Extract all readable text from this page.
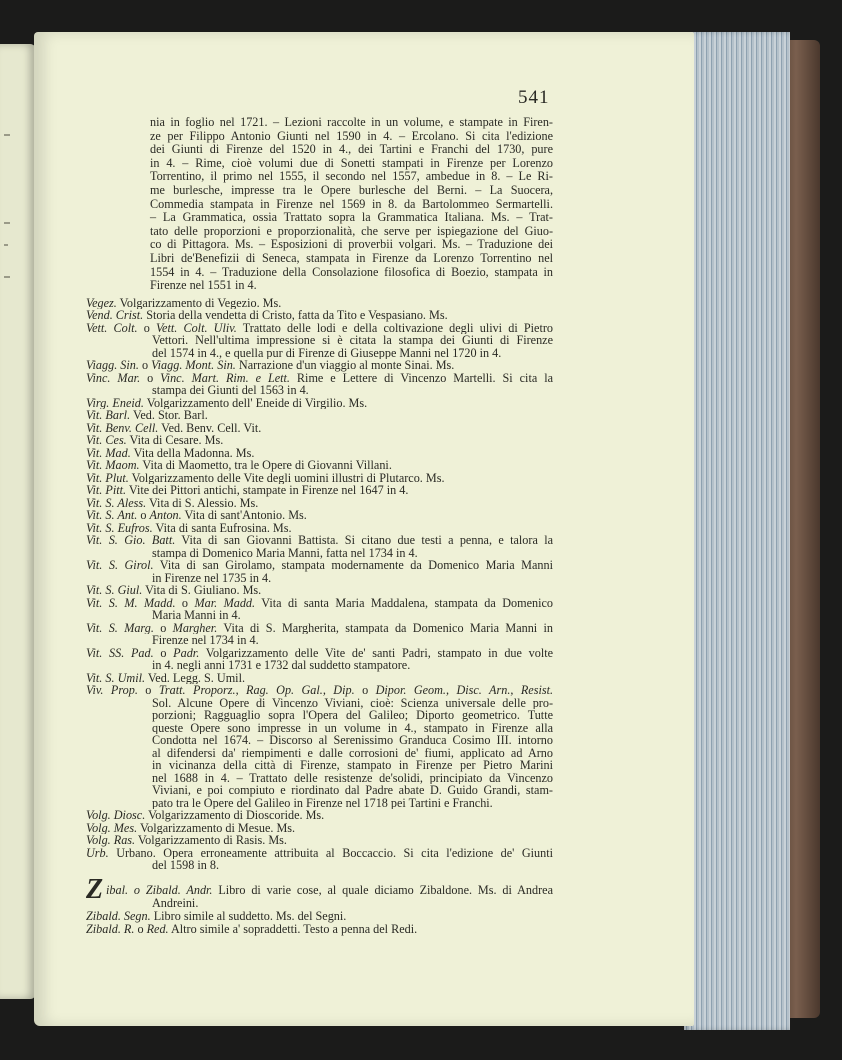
541
nia in foglio nel 1721. – Lezioni raccolte in un volume, e stampate in Firen-
ze per Filippo Antonio Giunti nel 1590 in 4. – Ercolano. Si cita l'edizione
dei Giunti di Firenze del 1520 in 4., dei Tartini e Franchi del 1730, pure
in 4. – Rime, cioè volumi due di Sonetti stampati in Firenze per Lorenzo
Torrentino, il primo nel 1555, il secondo nel 1557, ambedue in 8. – Le Ri-
me burlesche, impresse tra le Opere burlesche del Berni. – La Suocera,
Commedia stampata in Firenze nel 1569 in 8. da Bartolommeo Sermartelli.
– La Grammatica, ossia Trattato sopra la Grammatica Italiana. Ms. – Trat-
tato delle proporzioni e proporzionalità, che serve per ispiegazione del Giuo-
co di Pittagora. Ms. – Esposizioni di proverbii volgari. Ms. – Traduzione dei
Libri de'Benefizii di Seneca, stampata in Firenze da Lorenzo Torrentino nel
1554 in 4. – Traduzione della Consolazione filosofica di Boezio, stampata in
Firenze nel 1551 in 4.
Vegez. Volgarizzamento di Vegezio. Ms.
Vend. Crist. Storia della vendetta di Cristo, fatta da Tito e Vespasiano. Ms.
Vett. Colt. o Vett. Colt. Uliv. Trattato delle lodi e della coltivazione degli ulivi di Pietro
Vettori. Nell'ultima impressione si è citata la stampa dei Giunti di Firenze
del 1574 in 4., e quella pur di Firenze di Giuseppe Manni nel 1720 in 4.
Viagg. Sin. o Viagg. Mont. Sin. Narrazione d'un viaggio al monte Sinai. Ms.
Vinc. Mar. o Vinc. Mart. Rim. e Lett. Rime e Lettere di Vincenzo Martelli. Si cita la
stampa dei Giunti del 1563 in 4.
Virg. Eneid. Volgarizzamento dell' Eneide di Virgilio. Ms.
Vit. Barl. Ved. Stor. Barl.
Vit. Benv. Cell. Ved. Benv. Cell. Vit.
Vit. Ces. Vita di Cesare. Ms.
Vit. Mad. Vita della Madonna. Ms.
Vit. Maom. Vita di Maometto, tra le Opere di Giovanni Villani.
Vit. Plut. Volgarizzamento delle Vite degli uomini illustri di Plutarco. Ms.
Vit. Pitt. Vite dei Pittori antichi, stampate in Firenze nel 1647 in 4.
Vit. S. Aless. Vita di S. Alessio. Ms.
Vit. S. Ant. o Anton. Vita di sant'Antonio. Ms.
Vit. S. Eufros. Vita di santa Eufrosina. Ms.
Vit. S. Gio. Batt. Vita di san Giovanni Battista. Si citano due testi a penna, e talora la
stampa di Domenico Maria Manni, fatta nel 1734 in 4.
Vit. S. Girol. Vita di san Girolamo, stampata modernamente da Domenico Maria Manni
in Firenze nel 1735 in 4.
Vit. S. Giul. Vita di S. Giuliano. Ms.
Vit. S. M. Madd. o Mar. Madd. Vita di santa Maria Maddalena, stampata da Domenico
Maria Manni in 4.
Vit. S. Marg. o Margher. Vita di S. Margherita, stampata da Domenico Maria Manni in
Firenze nel 1734 in 4.
Vit. SS. Pad. o Padr. Volgarizzamento delle Vite de' santi Padri, stampato in due volte
in 4. negli anni 1731 e 1732 dal suddetto stampatore.
Vit. S. Umil. Ved. Legg. S. Umil.
Viv. Prop. o Tratt. Proporz., Rag. Op. Gal., Dip. o Dipor. Geom., Disc. Arn., Resist.
Sol. Alcune Opere di Vincenzo Viviani, cioè: Scienza universale delle pro-
porzioni; Ragguaglio sopra l'Opera del Galileo; Diporto geometrico. Tutte
queste Opere sono impresse in un volume in 4., stampato in Firenze alla
Condotta nel 1674. – Discorso al Serenissimo Granduca Cosimo III. intorno
al difendersi da' riempimenti e dalle corrosioni de' fiumi, applicato ad Arno
in vicinanza della città di Firenze, stampato in Firenze per Pietro Marini
nel 1688 in 4. – Trattato delle resistenze de'solidi, principiato da Vincenzo
Viviani, e poi compiuto e riordinato dal Padre abate D. Guido Grandi, stam-
pato tra le Opere del Galileo in Firenze nel 1718 pei Tartini e Franchi.
Volg. Diosc. Volgarizzamento di Dioscoride. Ms.
Volg. Mes. Volgarizzamento di Mesue. Ms.
Volg. Ras. Volgarizzamento di Rasis. Ms.
Urb. Urbano. Opera erroneamente attribuita al Boccaccio. Si cita l'edizione de' Giunti
del 1598 in 8.
Z ibal. o Zibald. Andr. Libro di varie cose, al quale diciamo Zibaldone. Ms. di Andrea
Andreini.
Zibald. Segn. Libro simile al suddetto. Ms. del Segni.
Zibald. R. o Red. Altro simile a' sopraddetti. Testo a penna del Redi.
